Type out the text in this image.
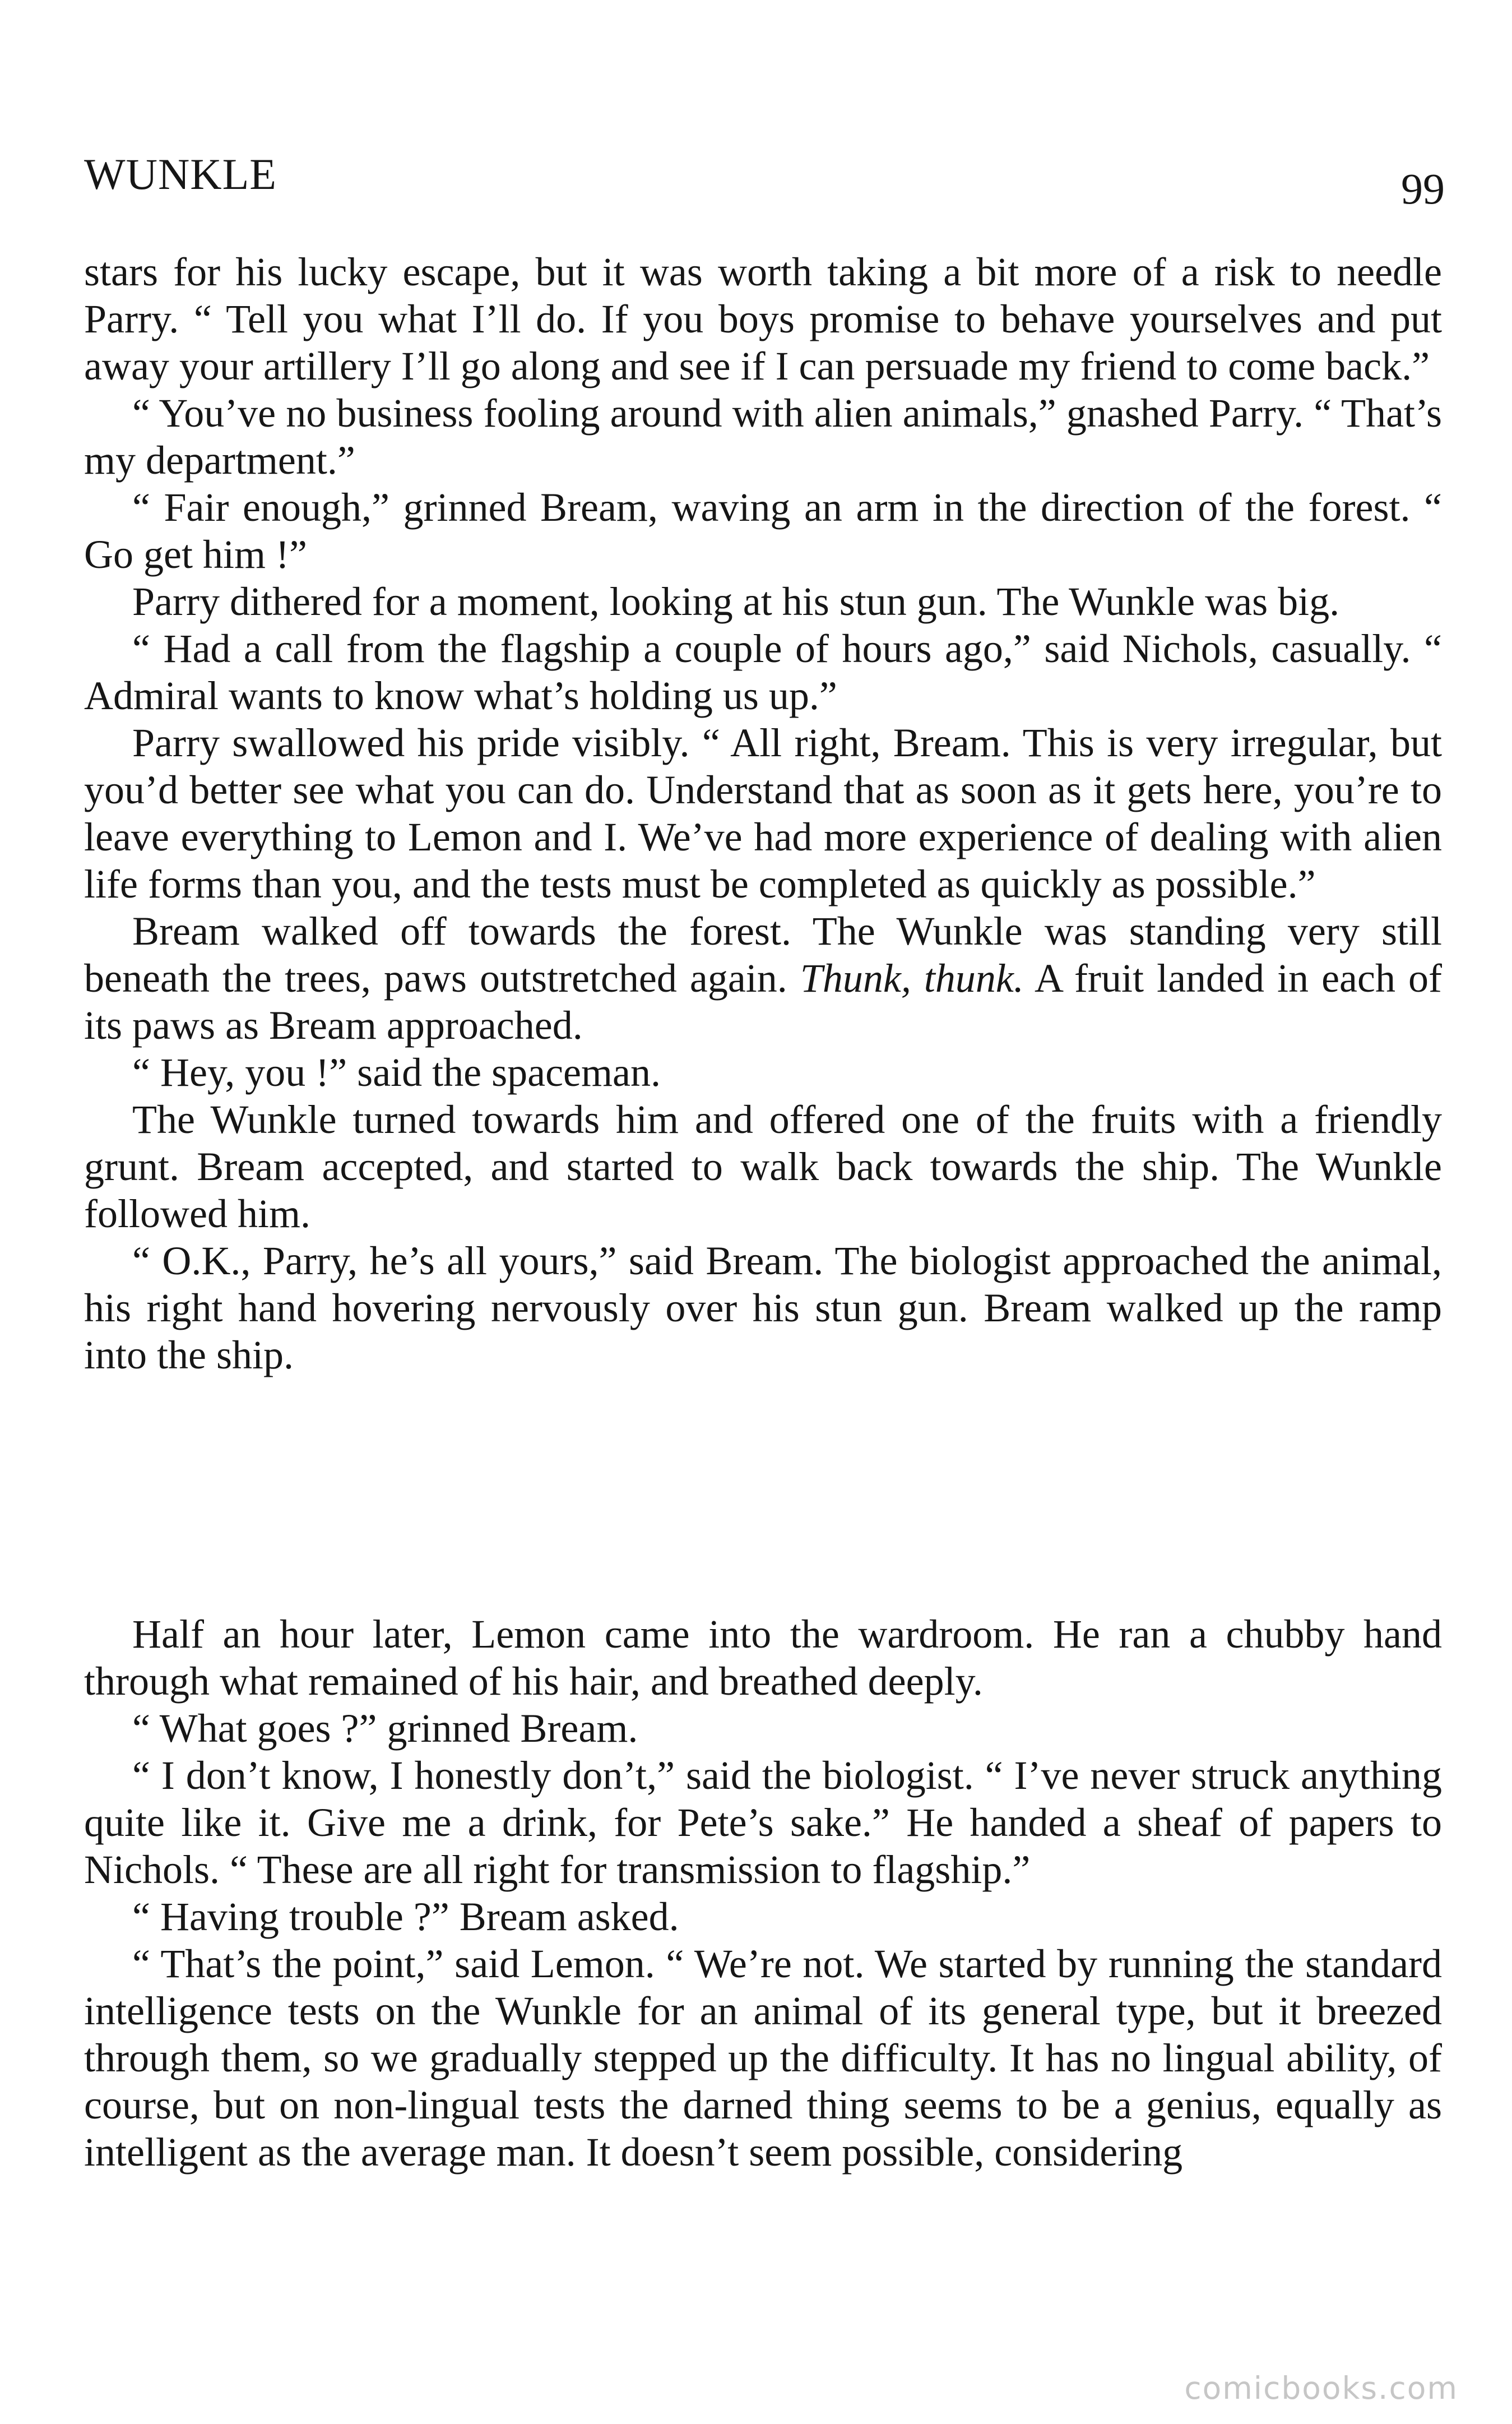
WUNKLE	99

stars for his lucky escape, but it was worth taking a bit more of a risk to needle Parry. “ Tell you what I’ll do. If you boys promise to behave yourselves and put away your artillery I’ll go along and see if I can persuade my friend to come back.”

“ You’ve no business fooling around with alien animals,” gnashed Parry. “ That’s my department.”

“ Fair enough,” grinned Bream, waving an arm in the direction of the forest. “ Go get him !”

Parry dithered for a moment, looking at his stun gun. The Wunkle was big.

“ Had a call from the flagship a couple of hours ago,” said Nichols, casually. “ Admiral wants to know what’s holding us up.”

Parry swallowed his pride visibly. “ All right, Bream. This is very irregular, but you’d better see what you can do. Understand that as soon as it gets here, you’re to leave everything to Lemon and I. We’ve had more experience of dealing with alien life forms than you, and the tests must be completed as quickly as possible.”

Bream walked off towards the forest. The Wunkle was standing very still beneath the trees, paws outstretched again. Thunk, thunk. A fruit landed in each of its paws as Bream approached.

“ Hey, you !” said the spaceman.

The Wunkle turned towards him and offered one of the fruits with a friendly grunt. Bream accepted, and started to walk back towards the ship. The Wunkle followed him.

“ O.K., Parry, he’s all yours,” said Bream. The biologist approached the animal, his right hand hovering nervously over his stun gun. Bream walked up the ramp into the ship.

Half an hour later, Lemon came into the wardroom. He ran a chubby hand through what remained of his hair, and breathed deeply.

“ What goes ?” grinned Bream.

“ I don’t know, I honestly don’t,” said the biologist. “ I’ve never struck anything quite like it. Give me a drink, for Pete’s sake.” He handed a sheaf of papers to Nichols. “ These are all right for transmission to flagship.”

“ Having trouble ?” Bream asked.

“ That’s the point,” said Lemon. “ We’re not. We started by running the standard intelligence tests on the Wunkle for an animal of its general type, but it breezed through them, so we gradually stepped up the difficulty. It has no lingual ability, of course, but on non-lingual tests the darned thing seems to be a genius, equally as intelligent as the average man. It doesn’t seem possible, considering

comicbooks.com
